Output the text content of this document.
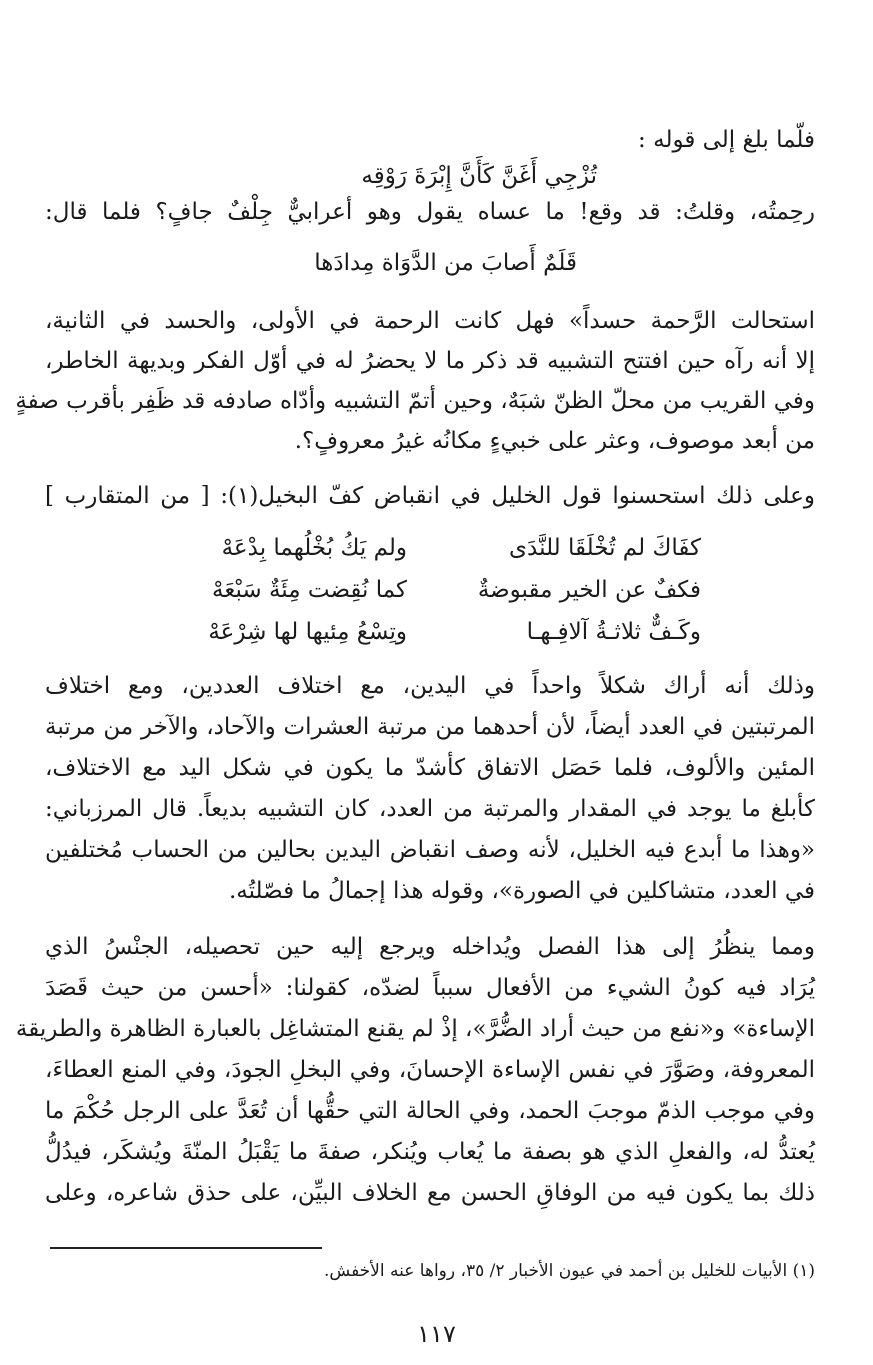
فلّما بلغ إلى قوله :
تُزْجِي أَغَنَّ كَأَنَّ إِبْرَةَ رَوْقِه
رحِمتُه، وقلتُ: قد وقع! ما عساه يقول وهو أعرابيٌّ جِلْفٌ جافٍ؟ فلما قال:
قَلَمٌ أَصابَ من الدَّوَاة مِدادَها
استحالت الرَّحمة حسداً» فهل كانت الرحمة في الأولى، والحسد في الثانية،
إلا أنه رآه حين افتتح التشبيه قد ذكر ما لا يحضرُ له في أوّل الفكر وبديهة الخاطر،
وفي القريب من محلّ الظنّ شبَهٌ، وحين أتمّ التشبيه وأدّاه صادفه قد ظَفِر بأقرب صفةٍ
من أبعد موصوف، وعثر على خبيءٍ مكانُه غيرُ معروفٍ؟.
وعلى ذلك استحسنوا قول الخليل في انقباض كفّ البخيل(١): [ من المتقارب ]
كفَاكَ لم تُخْلَقَا للنَّدَى
ولم يَكُ بُخْلُهما بِدْعَهْ
فكفٌ عن الخير مقبوضةٌ
كما نُقِضت مِئَةٌ سَبْعَهْ
وكَـفٌّ ثلاثـةُ آلافِـهـا
وتِسْعُ مِئيها لها شِرْعَهْ
وذلك أنه أراك شكلاً واحداً في اليدين، مع اختلاف العددين، ومع اختلاف
المرتبتين في العدد أيضاً، لأن أحدهما من مرتبة العشرات والآحاد، والآخر من مرتبة
المئين والألوف، فلما حَصَل الاتفاق كأشدّ ما يكون في شكل اليد مع الاختلاف،
كأبلغ ما يوجد في المقدار والمرتبة من العدد، كان التشبيه بديعاً. قال المرزباني:
«وهذا ما أبدع فيه الخليل، لأنه وصف انقباض اليدين بحالين من الحساب مُختلفين
في العدد، متشاكلين في الصورة»، وقوله هذا إجمالُ ما فصّلتُه.
ومما ينظُرُ إلى هذا الفصل ويُداخله ويرجع إليه حين تحصيله، الجنْسُ الذي
يُرَاد فيه كونُ الشيء من الأفعال سبباً لضدّه، كقولنا: «أحسن من حيث قَصَدَ
الإساءة» و«نفع من حيث أراد الضُّرَّ»، إذْ لم يقنع المتشاغِل بالعبارة الظاهرة والطريقة
المعروفة، وصَوَّرَ في نفس الإساءة الإحسانَ، وفي البخلِ الجودَ، وفي المنع العطاءَ،
وفي موجب الذمّ موجبَ الحمد، وفي الحالة التي حقُّها أن تُعَدَّ على الرجل حُكْمَ ما
يُعتدُّ له، والفعلِ الذي هو بصفة ما يُعاب ويُنكر، صفةَ ما يَقْبَلُ المنّةَ ويُشكَر، فيدُلُّ
ذلك بما يكون فيه من الوفاقِ الحسن مع الخلاف البيِّن، على حذق شاعره، وعلى
(١) الأبيات للخليل بن أحمد في عيون الأخبار ٢/ ٣٥، رواها عنه الأخفش.
١١٧
